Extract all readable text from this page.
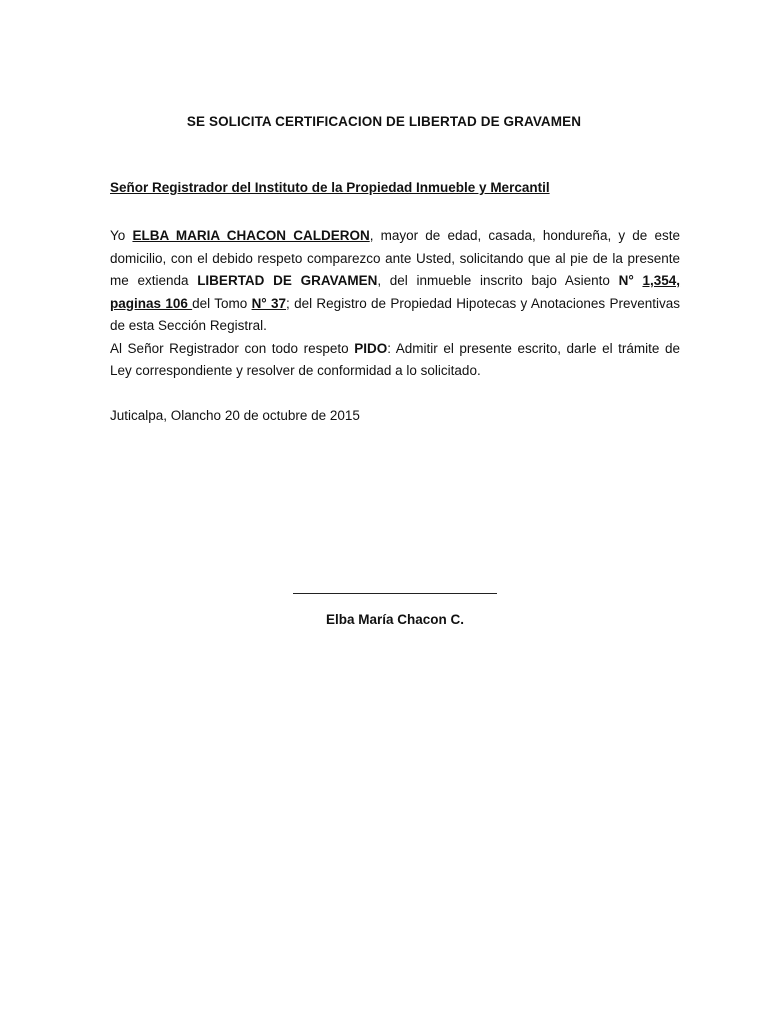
SE SOLICITA CERTIFICACION DE LIBERTAD DE GRAVAMEN
Señor Registrador del Instituto de la Propiedad Inmueble y Mercantil

Yo ELBA MARIA CHACON CALDERON, mayor de edad, casada, hondureña, y de este domicilio, con el debido respeto comparezco ante Usted, solicitando que al pie de la presente me extienda LIBERTAD DE GRAVAMEN, del inmueble inscrito bajo Asiento N° 1,354, paginas 106 del Tomo N° 37; del Registro de Propiedad Hipotecas y Anotaciones Preventivas de esta Sección Registral.

Al Señor Registrador con todo respeto PIDO: Admitir el presente escrito, darle el trámite de Ley correspondiente y resolver de conformidad a lo solicitado.

Juticalpa, Olancho 20 de octubre de 2015
Elba María Chacon C.
